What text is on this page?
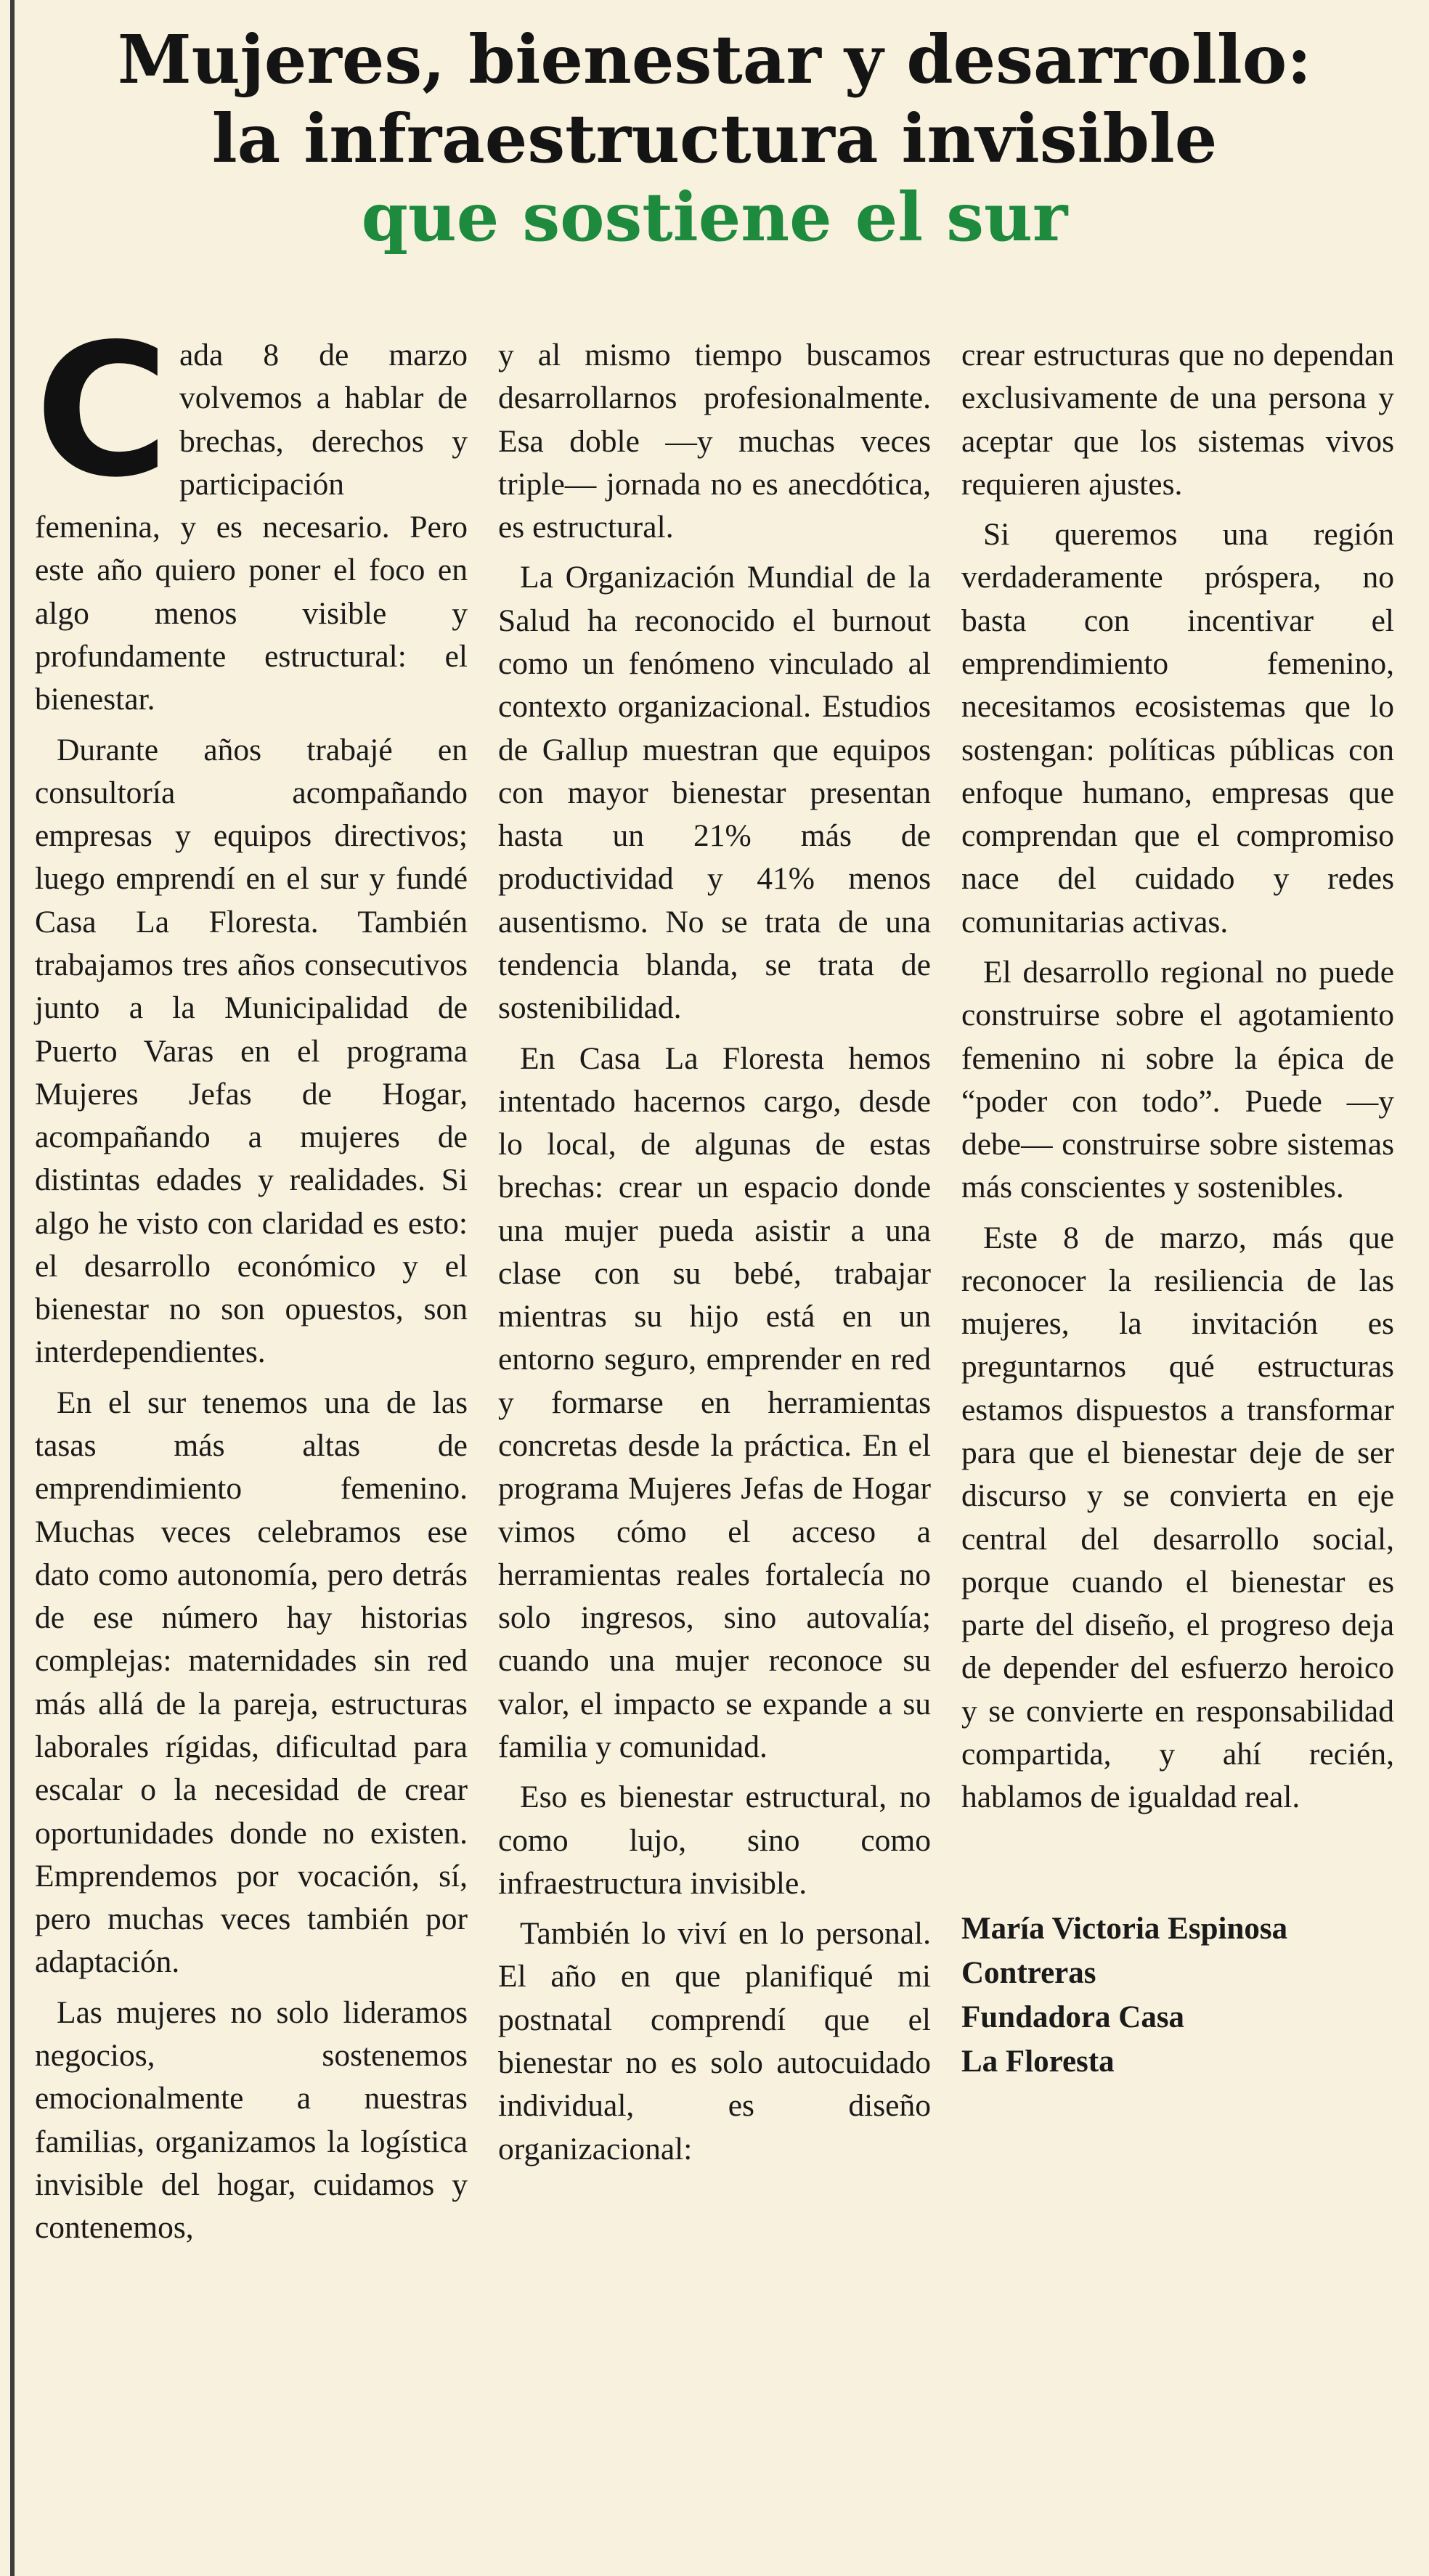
Mujeres, bienestar y desarrollo:
la infraestructura invisible
que sostiene el sur

Cada 8 de marzo volvemos a hablar de brechas, derechos y participación femenina, y es necesario. Pero este año quiero poner el foco en algo menos visible y profundamente estructural: el bienestar.

Durante años trabajé en consultoría acompañando empresas y equipos directivos; luego emprendí en el sur y fundé Casa La Floresta. También trabajamos tres años consecutivos junto a la Municipalidad de Puerto Varas en el programa Mujeres Jefas de Hogar, acompañando a mujeres de distintas edades y realidades. Si algo he visto con claridad es esto: el desarrollo económico y el bienestar no son opuestos, son interdependientes.

En el sur tenemos una de las tasas más altas de emprendimiento femenino. Muchas veces celebramos ese dato como autonomía, pero detrás de ese número hay historias complejas: maternidades sin red más allá de la pareja, estructuras laborales rígidas, dificultad para escalar o la necesidad de crear oportunidades donde no existen. Emprendemos por vocación, sí, pero muchas veces también por adaptación.

Las mujeres no solo lideramos negocios, sostenemos emocionalmente a nuestras familias, organizamos la logística invisible del hogar, cuidamos y contenemos,

y al mismo tiempo buscamos desarrollarnos profesionalmente. Esa doble —y muchas veces triple— jornada no es anecdótica, es estructural.

La Organización Mundial de la Salud ha reconocido el burnout como un fenómeno vinculado al contexto organizacional. Estudios de Gallup muestran que equipos con mayor bienestar presentan hasta un 21% más de productividad y 41% menos ausentismo. No se trata de una tendencia blanda, se trata de sostenibilidad.

En Casa La Floresta hemos intentado hacernos cargo, desde lo local, de algunas de estas brechas: crear un espacio donde una mujer pueda asistir a una clase con su bebé, trabajar mientras su hijo está en un entorno seguro, emprender en red y formarse en herramientas concretas desde la práctica. En el programa Mujeres Jefas de Hogar vimos cómo el acceso a herramientas reales fortalecía no solo ingresos, sino autovalía; cuando una mujer reconoce su valor, el impacto se expande a su familia y comunidad.

Eso es bienestar estructural, no como lujo, sino como infraestructura invisible.

También lo viví en lo personal. El año en que planifiqué mi postnatal comprendí que el bienestar no es solo autocuidado individual, es diseño organizacional:

crear estructuras que no dependan exclusivamente de una persona y aceptar que los sistemas vivos requieren ajustes.

Si queremos una región verdaderamente próspera, no basta con incentivar el emprendimiento femenino, necesitamos ecosistemas que lo sostengan: políticas públicas con enfoque humano, empresas que comprendan que el compromiso nace del cuidado y redes comunitarias activas.

El desarrollo regional no puede construirse sobre el agotamiento femenino ni sobre la épica de “poder con todo”. Puede —y debe— construirse sobre sistemas más conscientes y sostenibles.

Este 8 de marzo, más que reconocer la resiliencia de las mujeres, la invitación es preguntarnos qué estructuras estamos dispuestos a transformar para que el bienestar deje de ser discurso y se convierta en eje central del desarrollo social, porque cuando el bienestar es parte del diseño, el progreso deja de depender del esfuerzo heroico y se convierte en responsabilidad compartida, y ahí recién, hablamos de igualdad real.

María Victoria Espinosa
Contreras
Fundadora Casa
La Floresta
